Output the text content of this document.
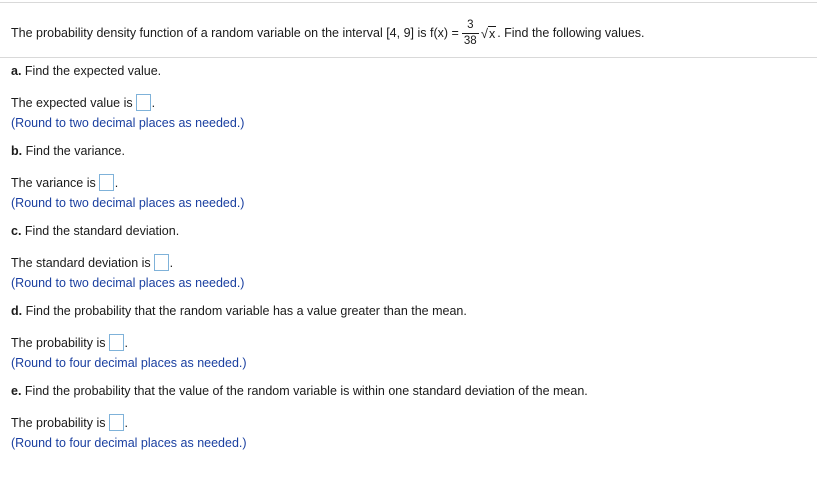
The probability density function of a random variable on the interval [4, 9] is $f(x) = \frac{3}{38}$ √ x . Find the following values.
a. Find the expected value.
The expected value is .
(Round to two decimal places as needed.)
b. Find the variance.
The variance is .
(Round to two decimal places as needed.)
c. Find the standard deviation.
The standard deviation is .
(Round to two decimal places as needed.)
d. Find the probability that the random variable has a value greater than the mean.
The probability is .
(Round to four decimal places as needed.)
e. Find the probability that the value of the random variable is within one standard deviation of the mean.
The probability is .
(Round to four decimal places as needed.)
